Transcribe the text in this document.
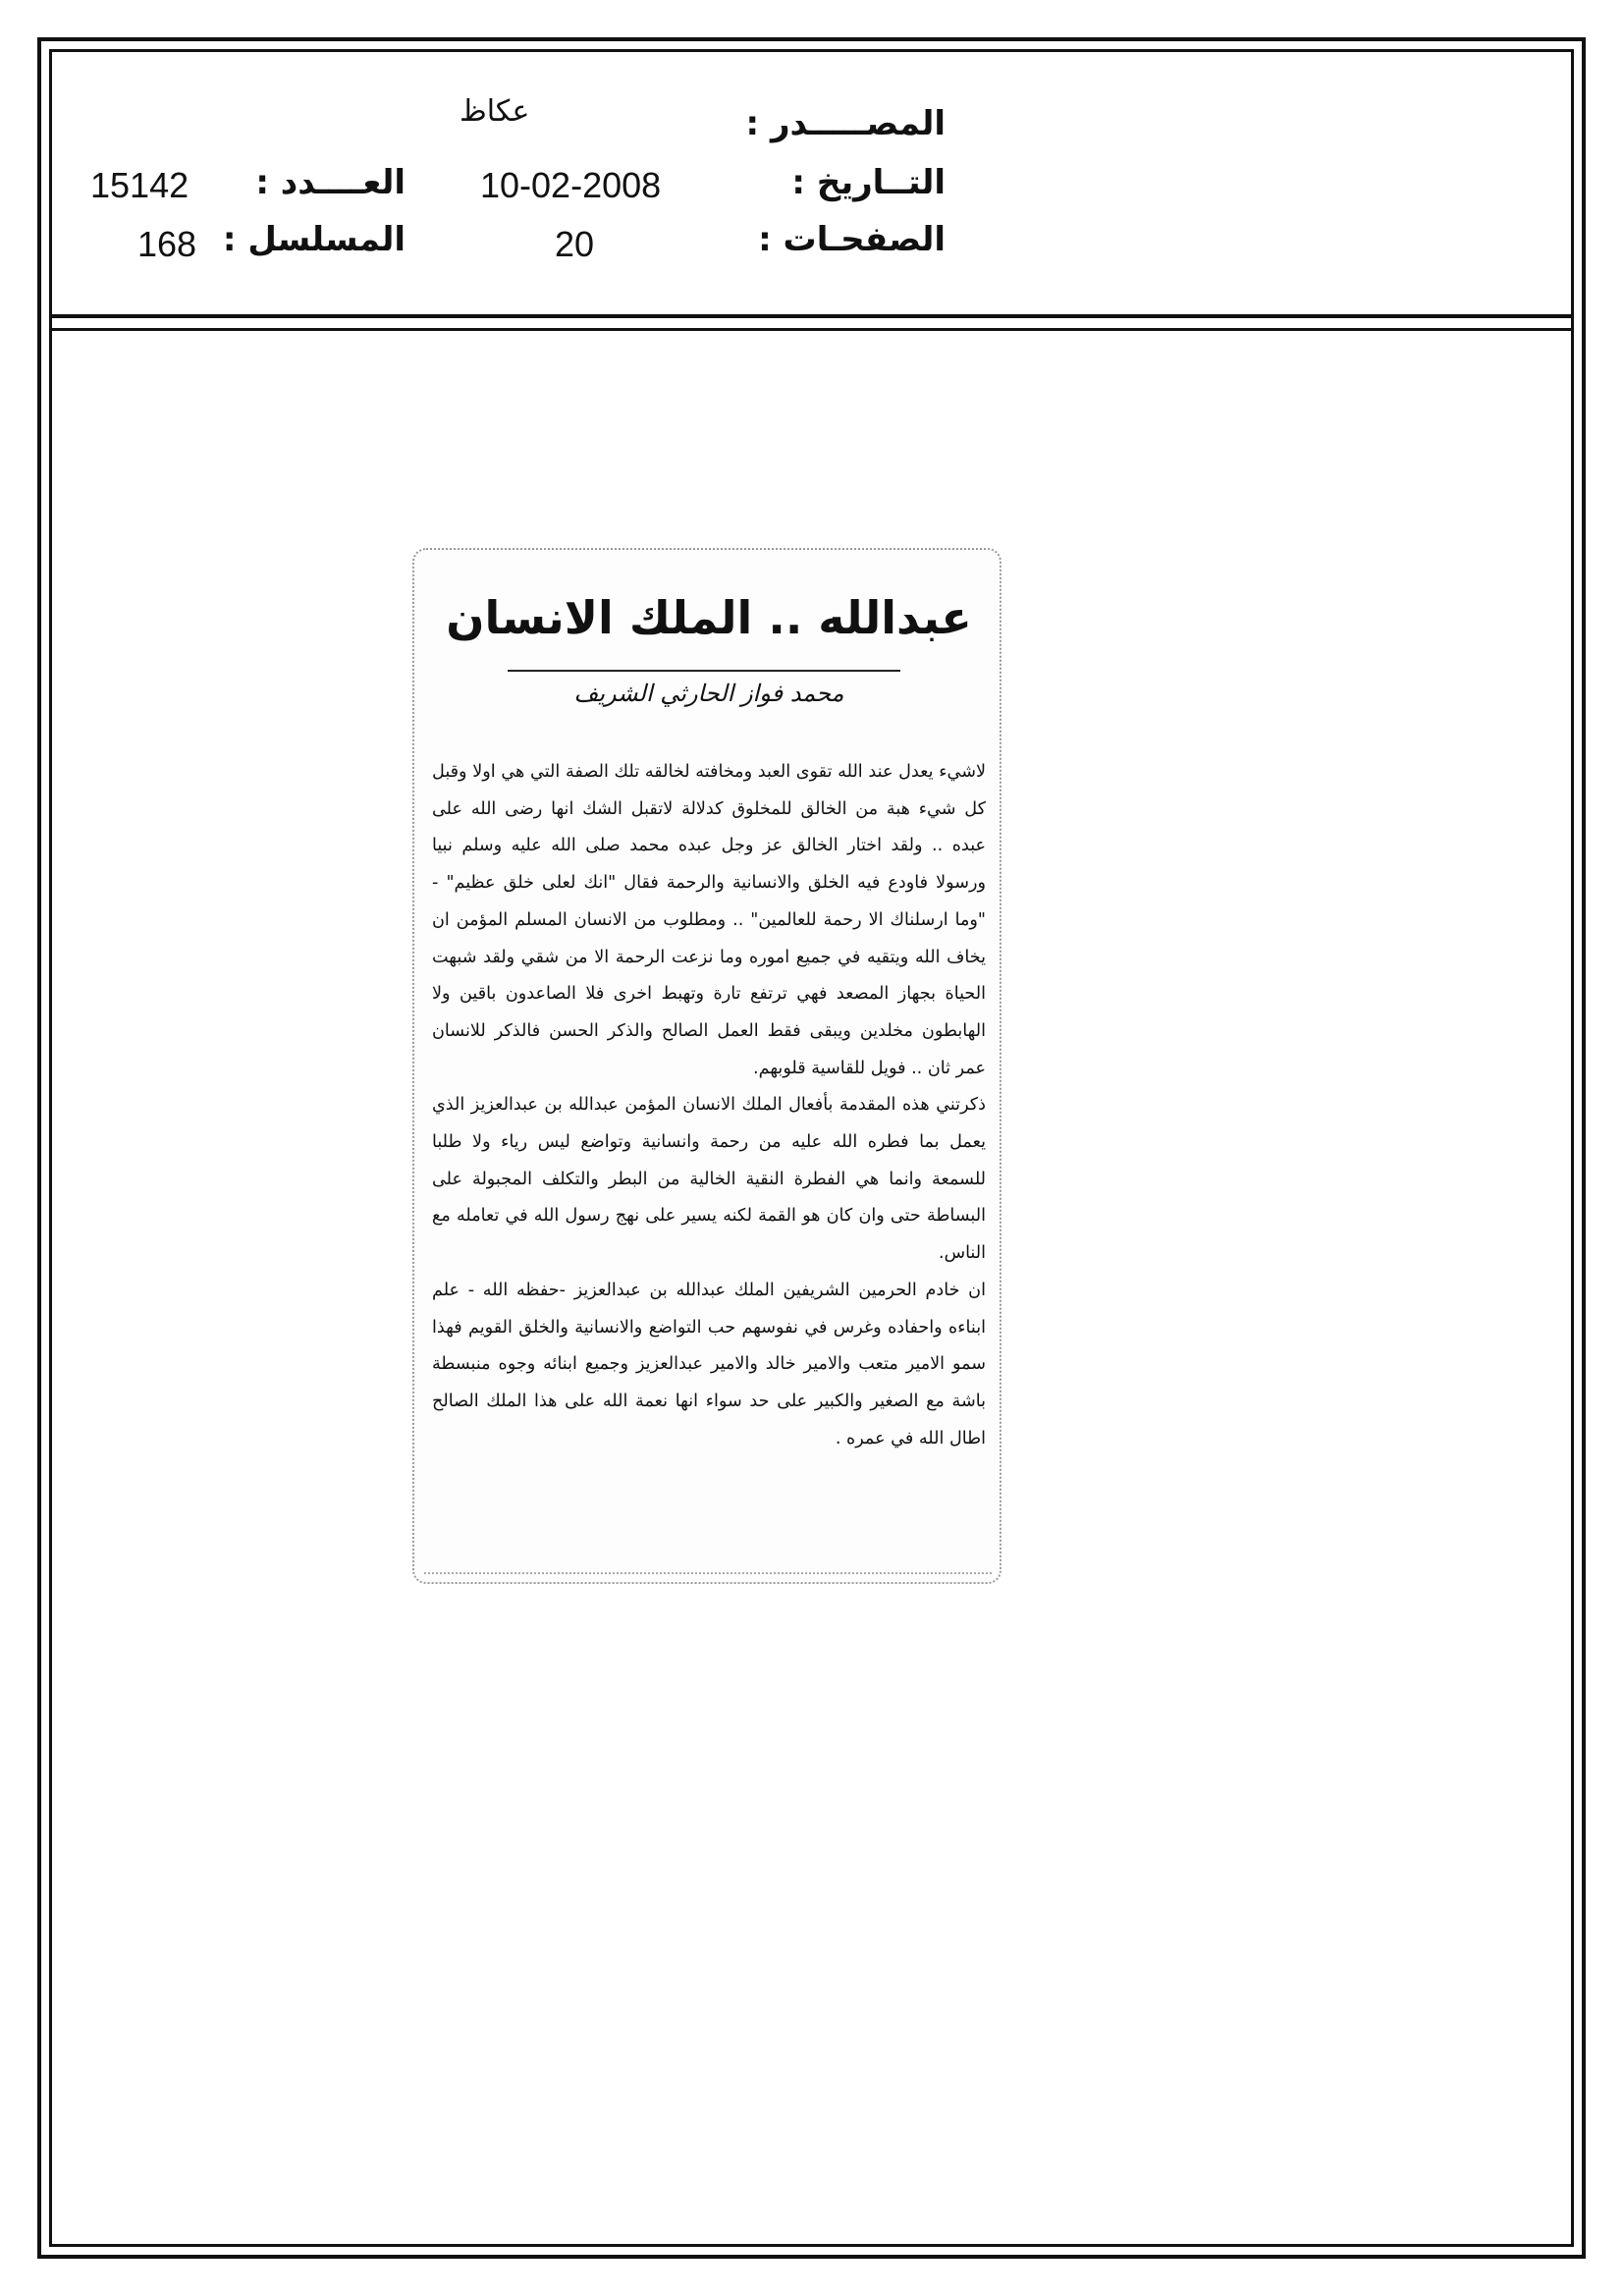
المصـــــدر :
عكاظ
التــاريخ :
10-02-2008
الصفحـات :
20
العــــدد :
15142
المسلسل :
168
عبدالله .. الملك الانسان
محمد فواز الحارثي الشريف

لاشيء يعدل عند الله تقوى العبد ومخافته لخالقه تلك الصفة التي هي اولا وقبل كل شيء هبة من الخالق للمخلوق كدلالة لاتقبل الشك انها رضى الله على عبده .. ولقد اختار الخالق عز وجل عبده محمد صلى الله عليه وسلم نبيا ورسولا فاودع فيه الخلق والانسانية والرحمة فقال "انك لعلى خلق عظيم" - "وما ارسلناك الا رحمة للعالمين" .. ومطلوب من الانسان المسلم المؤمن ان يخاف الله ويتقيه في جميع اموره وما نزعت الرحمة الا من شقي ولقد شبهت الحياة بجهاز المصعد فهي ترتفع تارة وتهبط اخرى فلا الصاعدون باقين ولا الهابطون مخلدين ويبقى فقط العمل الصالح والذكر الحسن فالذكر للانسان عمر ثان .. فويل للقاسية قلوبهم.

ذكرتني هذه المقدمة بأفعال الملك الانسان المؤمن عبدالله بن عبدالعزيز الذي يعمل بما فطره الله عليه من رحمة وانسانية وتواضع ليس رياء ولا طلبا للسمعة وانما هي الفطرة النقية الخالية من البطر والتكلف المجبولة على البساطة حتى وان كان هو القمة لكنه يسير على نهج رسول الله في تعامله مع الناس.

ان خادم الحرمين الشريفين الملك عبدالله بن عبدالعزيز -حفظه الله - علم ابناءه واحفاده وغرس في نفوسهم حب التواضع والانسانية والخلق القويم فهذا سمو الامير متعب والامير خالد والامير عبدالعزيز وجميع ابنائه وجوه منبسطة باشة مع الصغير والكبير على حد سواء انها نعمة الله على هذا الملك الصالح اطال الله في عمره .
